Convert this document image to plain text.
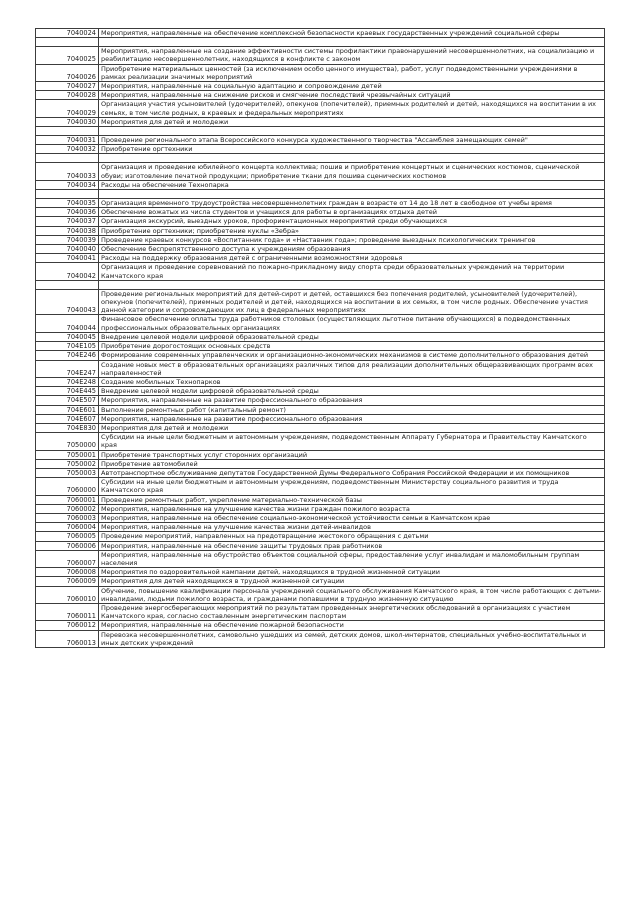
7040024	Мероприятия, направленные на обеспечение комплексной безопасности краевых государственных учреждений социальной сферы

7040025	Мероприятия, направленные на создание эффективности системы профилактики правонарушений несовершеннолетних, на социализацию и реабилитацию несовершеннолетних, находящихся в конфликте с законом
7040026	Приобретение материальных ценностей (за исключением особо ценного имущества), работ, услуг подведомственными учреждениями в рамках реализации значимых мероприятий
7040027	Мероприятия, направленные на социальную адаптацию и сопровождение детей
7040028	Мероприятия, направленные на снижение рисков и смягчение последствий чрезвычайных ситуаций
7040029	Организация участия усыновителей (удочерителей), опекунов (попечителей), приемных родителей и детей, находящихся на воспитании в их семьях, в том числе родных, в краевых и федеральных мероприятиях
7040030	Мероприятия для детей и молодежи

7040031	Проведение регионального этапа Всероссийского конкурса художественного творчества "Ассамблея замещающих семей"
7040032	Приобретение оргтехники

7040033	Организация и проведение юбилейного концерта коллектива; пошив и приобретение концертных и сценических костюмов, сценической обуви; изготовление печатной продукции; приобретение ткани для пошива сценических костюмов
7040034	Расходы на обеспечение Технопарка

7040035	Организация временного трудоустройства несовершеннолетних граждан в возрасте от 14 до 18 лет в свободное от учебы время
7040036	Обеспечение вожатых из числа студентов и учащихся для работы в организациях отдыха детей
7040037	Организация экскурсий, выездных уроков, профориентационных мероприятий среди обучающихся
7040038	Приобретение оргтехники; приобретение куклы «Зебра»
7040039	Проведение краевых конкурсов «Воспитанник года» и «Наставник года»; проведение выездных психологических тренингов
7040040	Обеспечение беспрепятственного доступа к учреждениям образования
7040041	Расходы на поддержку образования детей с ограниченными возможностями здоровья
7040042	Организация и проведение соревнований по пожарно-прикладному виду спорта среди образовательных учреждений на территории Камчатского края

7040043	Проведение региональных мероприятий для детей-сирот и детей, оставшихся без попечения родителей, усыновителей (удочерителей), опекунов (попечителей), приемных родителей и детей, находящихся на воспитании в их семьях, в том числе родных. Обеспечение участия данной категории и сопровождающих их лиц в федеральных мероприятиях
7040044	Финансовое обеспечение оплаты труда работников столовых (осуществляющих льготное питание обучающихся) в подведомственных профессиональных образовательных организациях
7040045	Внедрение целевой модели цифровой образовательной среды
704E105	Приобретение дорогостоящих основных средств
704E246	Формирование современных управленческих и организационно-экономических механизмов в системе дополнительного образования детей
704E247	Создание новых мест в образовательных организациях различных типов для реализации дополнительных общеразвивающих программ всех направленностей
704E248	Создание мобильных Технопарков
704E445	Внедрение целевой модели цифровой образовательной среды
704E507	Мероприятия, направленные на развитие профессионального образования
704E601	Выполнение ремонтных работ (капитальный ремонт)
704E607	Мероприятия, направленные на развитие профессионального образования
704E830	Мероприятия для детей и молодежи
7050000	Субсидии на иные цели бюджетным и автономным учреждениям, подведомственным Аппарату Губернатора и Правительству Камчатского края
7050001	Приобретение транспортных услуг сторонних организаций
7050002	Приобретение автомобилей
7050003	Автотранспортное обслуживание депутатов Государственной Думы Федерального Собрания Российской Федерации и их помощников
7060000	Субсидии на иные цели бюджетным и автономным учреждениям, подведомственным Министерству социального развития и труда Камчатского края
7060001	Проведение ремонтных работ, укрепление материально-технической базы
7060002	Мероприятия, направленные на улучшение качества жизни граждан пожилого возраста
7060003	Мероприятия, направленные на обеспечение социально-экономической устойчивости семьи в Камчатском крае
7060004	Мероприятия, направленные на улучшение качества жизни детей-инвалидов
7060005	Проведение мероприятий, направленных на предотвращение жестокого обращения с детьми
7060006	Мероприятия, направленные на обеспечение защиты трудовых прав работников
7060007	Мероприятия, направленные на обустройство объектов социальной сферы, предоставление услуг инвалидам и маломобильным группам населения
7060008	Мероприятия по оздоровительной кампании детей, находящихся в трудной жизненной ситуации
7060009	Мероприятия для детей находящихся в трудной жизненной ситуации
7060010	Обучение, повышение квалификации персонала учреждений социального обслуживания Камчатского края, в том числе работающих с детьми-инвалидами, людьми пожилого возраста, и гражданами попавшими в трудную жизненную ситуацию
7060011	Проведение энергосберегающих мероприятий по результатам проведенных энергетических обследований в организациях с участием Камчатского края, согласно составленным энергетическим паспортам
7060012	Мероприятия, направленные на обеспечение пожарной безопасности
7060013	Перевозка несовершеннолетних, самовольно ушедших из семей, детских домов, школ-интернатов, специальных учебно-воспитательных и иных детских учреждений
